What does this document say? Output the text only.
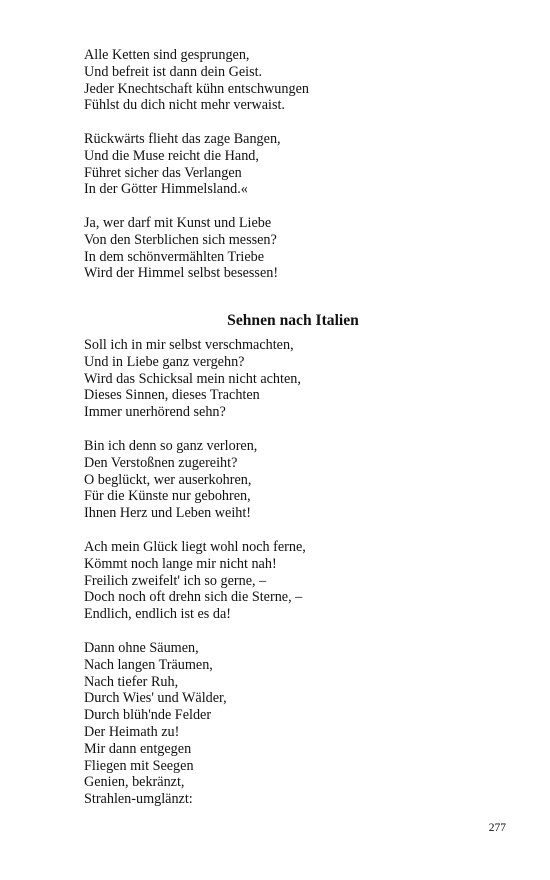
Alle Ketten sind gesprungen,
Und befreit ist dann dein Geist.
Jeder Knechtschaft kühn entschwungen
Fühlst du dich nicht mehr verwaist.
Rückwärts flieht das zage Bangen,
Und die Muse reicht die Hand,
Führet sicher das Verlangen
In der Götter Himmelsland.«
Ja, wer darf mit Kunst und Liebe
Von den Sterblichen sich messen?
In dem schönvermählten Triebe
Wird der Himmel selbst besessen!
Sehnen nach Italien
Soll ich in mir selbst verschmachten,
Und in Liebe ganz vergehn?
Wird das Schicksal mein nicht achten,
Dieses Sinnen, dieses Trachten
Immer unerhörend sehn?
Bin ich denn so ganz verloren,
Den Verstoßnen zugereiht?
O beglückt, wer auserkohren,
Für die Künste nur gebohren,
Ihnen Herz und Leben weiht!
Ach mein Glück liegt wohl noch ferne,
Kömmt noch lange mir nicht nah!
Freilich zweifelt' ich so gerne, –
Doch noch oft drehn sich die Sterne, –
Endlich, endlich ist es da!
Dann ohne Säumen,
Nach langen Träumen,
Nach tiefer Ruh,
Durch Wies' und Wälder,
Durch blüh'nde Felder
Der Heimath zu!
Mir dann entgegen
Fliegen mit Seegen
Genien, bekränzt,
Strahlen-umglänzt:
277
